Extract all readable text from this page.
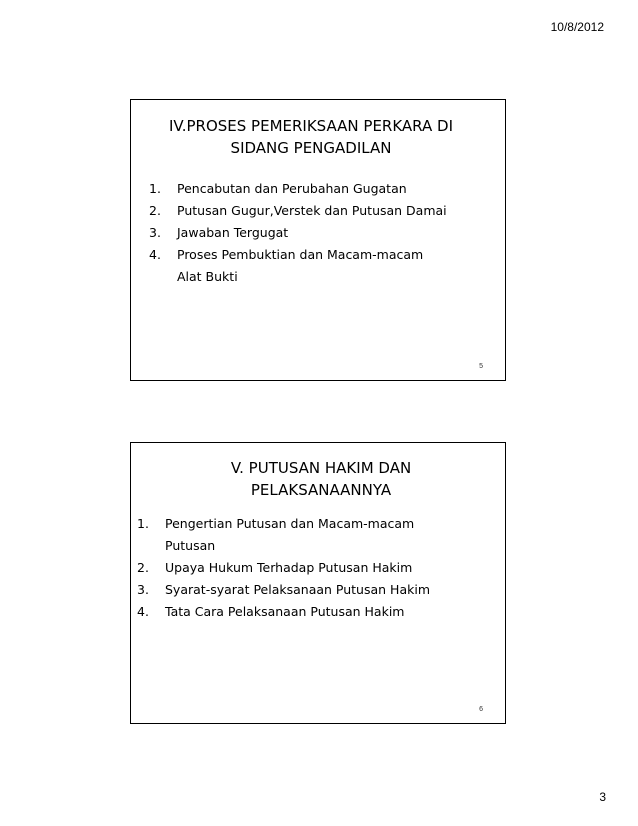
10/8/2012
IV.PROSES PEMERIKSAAN PERKARA DI
SIDANG PENGADILAN
1. Pencabutan dan Perubahan Gugatan
2. Putusan Gugur,Verstek dan Putusan Damai
3. Jawaban Tergugat
4. Proses Pembuktian dan Macam-macam
Alat Bukti
5
V. PUTUSAN HAKIM DAN
PELAKSANAANNYA
1. Pengertian Putusan dan Macam-macam
Putusan
2. Upaya Hukum Terhadap Putusan Hakim
3. Syarat-syarat Pelaksanaan Putusan Hakim
4. Tata Cara Pelaksanaan Putusan Hakim
6
3
